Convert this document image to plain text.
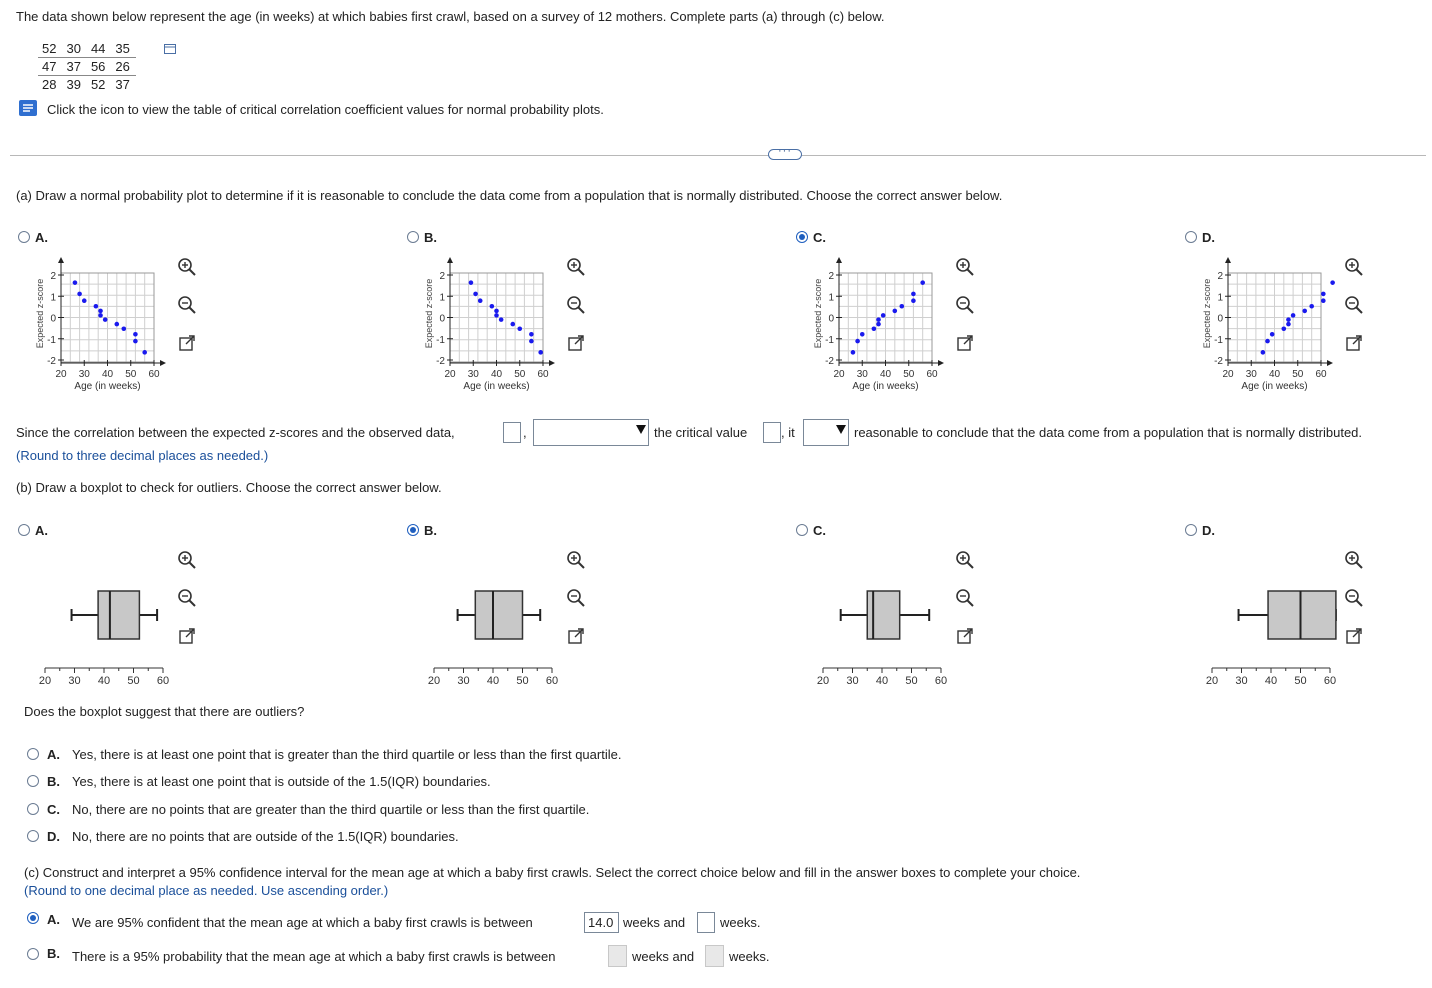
The data shown below represent the age (in weeks) at which babies first crawl, based on a survey of 12 mothers. Complete parts (a) through (c) below.
52	30	44	35
47	37	56	26
28	39	52	37
Click the icon to view the table of critical correlation coefficient values for normal probability plots.
···
(a) Draw a normal probability plot to determine if it is reasonable to conclude the data come from a population that is normally distributed. Choose the correct answer below.
Since the correlation between the expected z-scores and the observed data,	,	the critical value	, it	reasonable to conclude that the data come from a population that is normally distributed.
(Round to three decimal places as needed.)
(b) Draw a boxplot to check for outliers. Choose the correct answer below.
Does the boxplot suggest that there are outliers?
A. Yes, there is at least one point that is greater than the third quartile or less than the first quartile.
B. Yes, there is at least one point that is outside of the 1.5(IQR) boundaries.
C. No, there are no points that are greater than the third quartile or less than the first quartile.
D. No, there are no points that are outside of the 1.5(IQR) boundaries.
(c) Construct and interpret a 95% confidence interval for the mean age at which a baby first crawls. Select the correct choice below and fill in the answer boxes to complete your choice.
(Round to one decimal place as needed. Use ascending order.)
A. We are 95% confident that the mean age at which a baby first crawls is between	14.0 weeks and	weeks.
B. There is a 95% probability that the mean age at which a baby first crawls is between	weeks and	weeks.
A.
2
1
0
-1
-2
20 30 40 50 60
Age (in weeks)
Expected z-score
B.
2
1
0
-1
-2
20 30 40 50 60
Age (in weeks)
Expected z-score
C.
2
1
0
-1
-2
20 30 40 50 60
Age (in weeks)
Expected z-score
D.
2
1
0
-1
-2
20 30 40 50 60
Age (in weeks)
Expected z-score
A.
20 30 40 50 60
B.
20 30 40 50 60
C.
20 30 40 50 60
D.
20 30 40 50 60
